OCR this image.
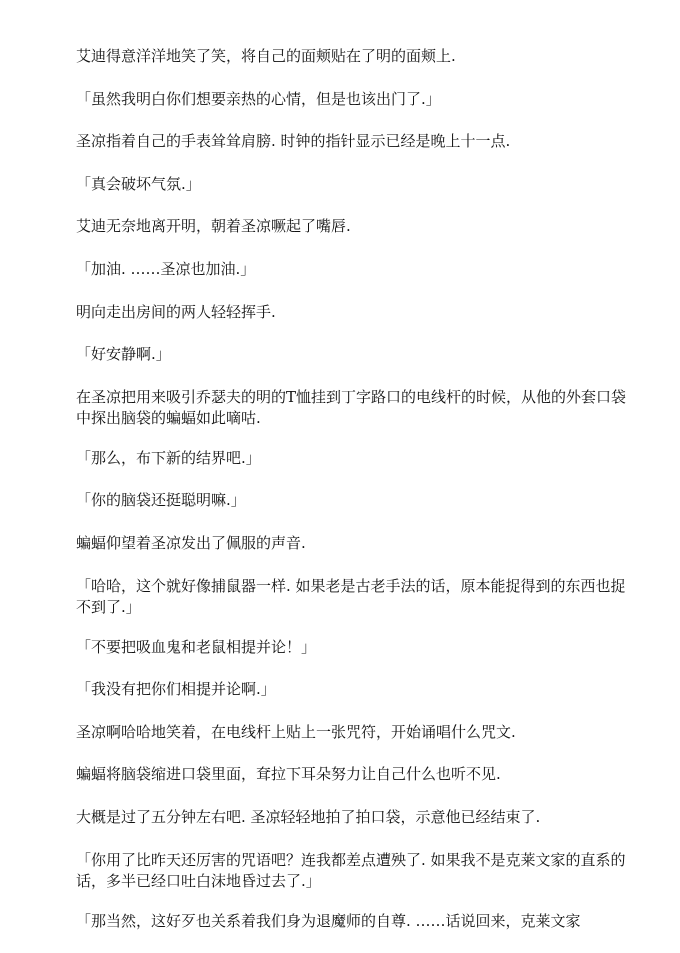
艾迪得意洋洋地笑了笑，将自己的面颊贴在了明的面颊上.

「虽然我明白你们想要亲热的心情，但是也该出门了.」

圣凉指着自己的手表耸耸肩膀. 时钟的指针显示已经是晚上十一点.

「真会破坏气氛.」

艾迪无奈地离开明，朝着圣凉噘起了嘴唇.

「加油. ……圣凉也加油.」

明向走出房间的两人轻轻挥手.

「好安静啊.」

在圣凉把用来吸引乔瑟夫的明的T恤挂到丁字路口的电线杆的时候，从他的外套口袋中探出脑袋的蝙蝠如此嘀咕.

「那么，布下新的结界吧.」

「你的脑袋还挺聪明嘛.」

蝙蝠仰望着圣凉发出了佩服的声音.

「哈哈，这个就好像捕鼠器一样. 如果老是古老手法的话，原本能捉得到的东西也捉不到了.」

「不要把吸血鬼和老鼠相提并论！」

「我没有把你们相提并论啊.」

圣凉啊哈哈地笑着，在电线杆上贴上一张咒符，开始诵唱什么咒文.

蝙蝠将脑袋缩进口袋里面，耷拉下耳朵努力让自己什么也听不见.

大概是过了五分钟左右吧. 圣凉轻轻地拍了拍口袋，示意他已经结束了.

「你用了比昨天还厉害的咒语吧？连我都差点遭殃了. 如果我不是克莱文家的直系的话，多半已经口吐白沫地昏过去了.」

「那当然，这好歹也关系着我们身为退魔师的自尊. ……话说回来，克莱文家
